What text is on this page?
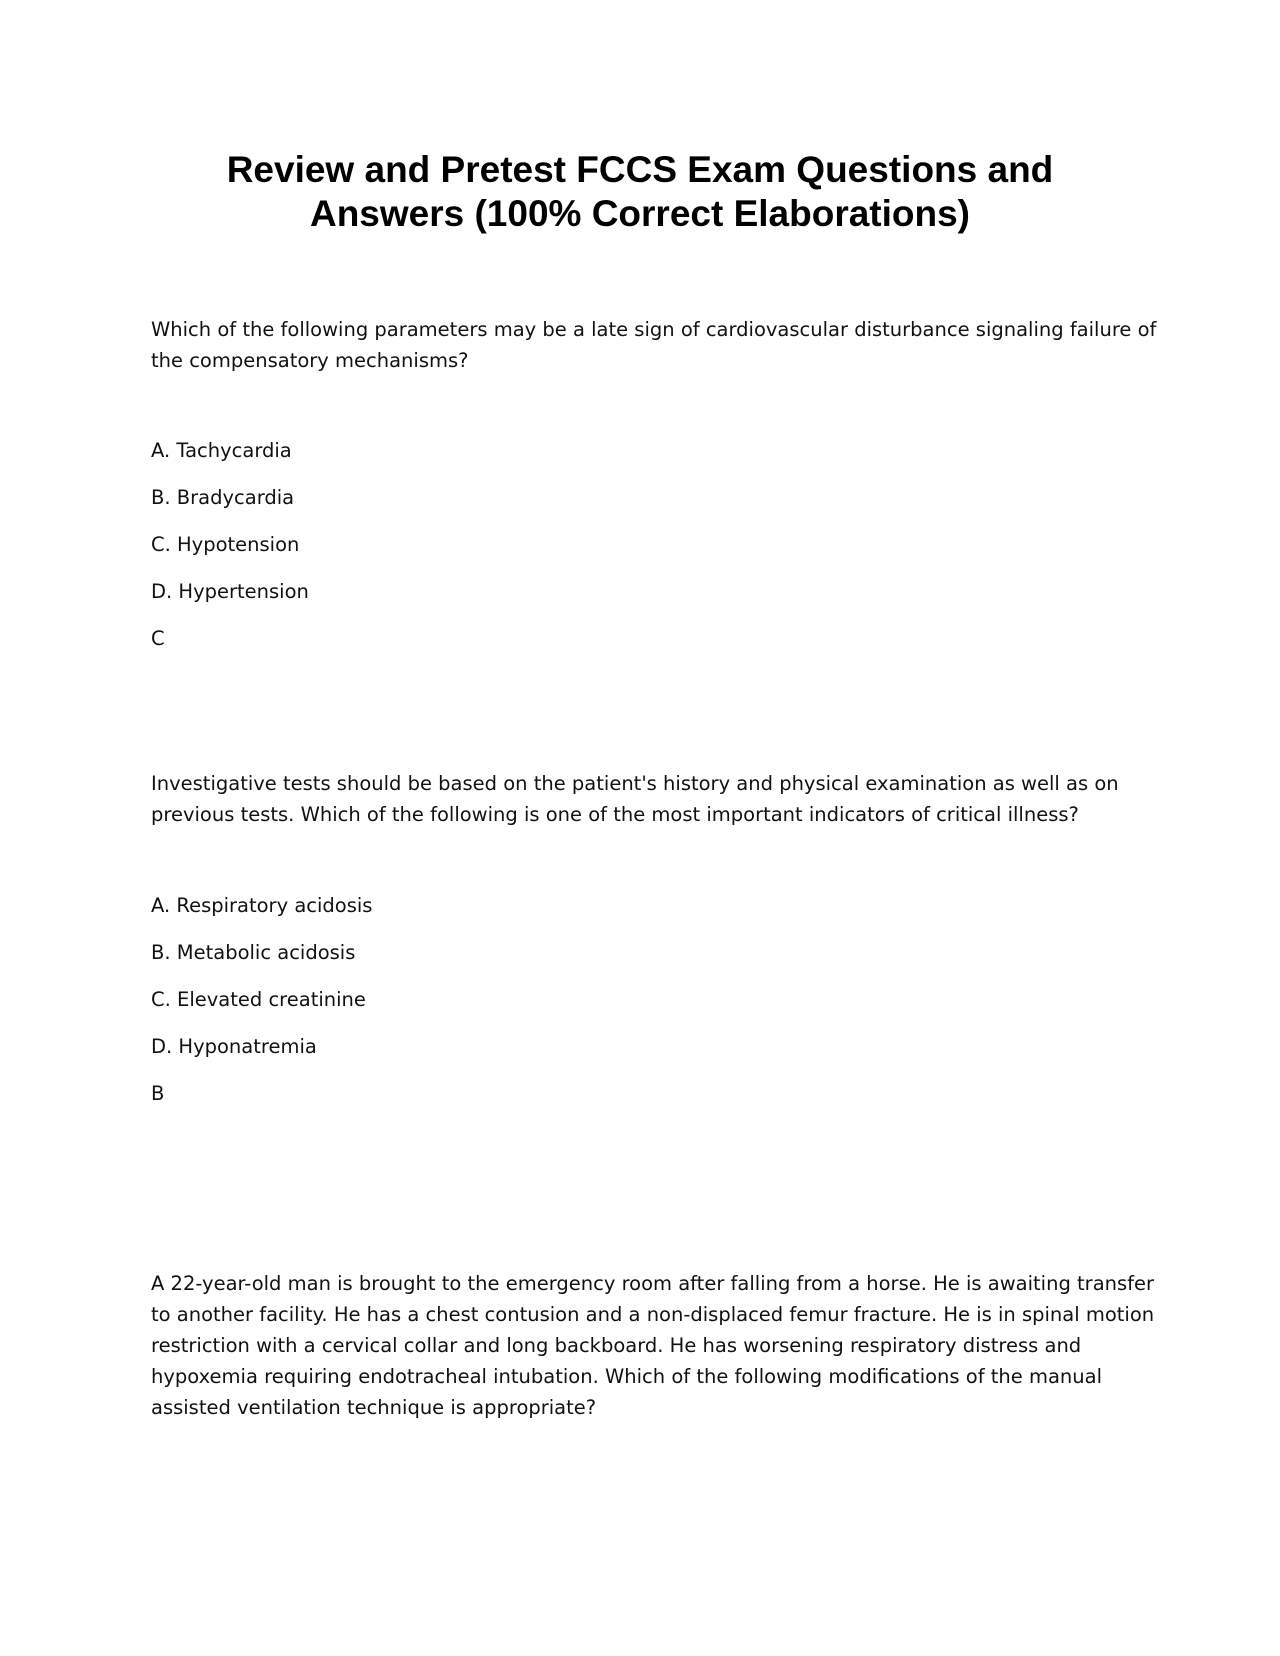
Review and Pretest FCCS Exam Questions and
Answers (100% Correct Elaborations)

Which of the following parameters may be a late sign of cardiovascular disturbance signaling failure of
the compensatory mechanisms?

A. Tachycardia
B. Bradycardia
C. Hypotension
D. Hypertension
C

Investigative tests should be based on the patient's history and physical examination as well as on
previous tests. Which of the following is one of the most important indicators of critical illness?

A. Respiratory acidosis
B. Metabolic acidosis
C. Elevated creatinine
D. Hyponatremia
B

A 22-year-old man is brought to the emergency room after falling from a horse. He is awaiting transfer
to another facility. He has a chest contusion and a non-displaced femur fracture. He is in spinal motion
restriction with a cervical collar and long backboard. He has worsening respiratory distress and
hypoxemia requiring endotracheal intubation. Which of the following modifications of the manual
assisted ventilation technique is appropriate?
